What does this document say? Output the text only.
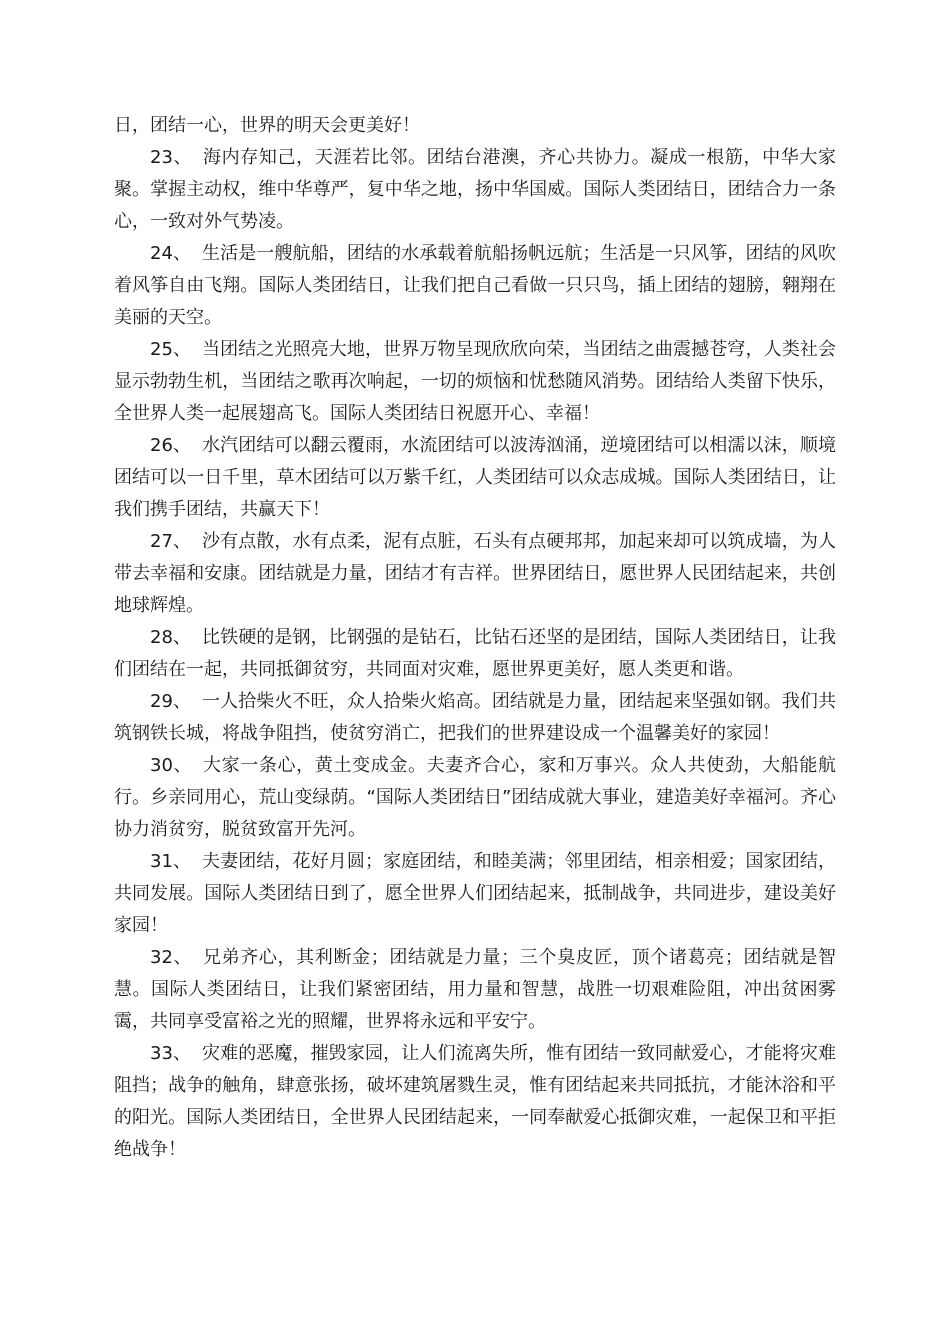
日，团结一心，世界的明天会更美好！

23、 海内存知己，天涯若比邻。团结台港澳，齐心共协力。凝成一根筋，中华大家聚。掌握主动权，维中华尊严，复中华之地，扬中华国威。国际人类团结日，团结合力一条心，一致对外气势凌。

24、 生活是一艘航船，团结的水承载着航船扬帆远航；生活是一只风筝，团结的风吹着风筝自由飞翔。国际人类团结日，让我们把自己看做一只只鸟，插上团结的翅膀，翱翔在美丽的天空。

25、 当团结之光照亮大地，世界万物呈现欣欣向荣，当团结之曲震撼苍穹，人类社会显示勃勃生机，当团结之歌再次响起，一切的烦恼和忧愁随风消势。团结给人类留下快乐，全世界人类一起展翅高飞。国际人类团结日祝愿开心、幸福！

26、 水汽团结可以翻云覆雨，水流团结可以波涛汹涌，逆境团结可以相濡以沫，顺境团结可以一日千里，草木团结可以万紫千红，人类团结可以众志成城。国际人类团结日，让我们携手团结，共赢天下！

27、 沙有点散，水有点柔，泥有点脏，石头有点硬邦邦，加起来却可以筑成墙，为人带去幸福和安康。团结就是力量，团结才有吉祥。世界团结日，愿世界人民团结起来，共创地球辉煌。

28、 比铁硬的是钢，比钢强的是钻石，比钻石还坚的是团结，国际人类团结日，让我们团结在一起，共同抵御贫穷，共同面对灾难，愿世界更美好，愿人类更和谐。

29、 一人拾柴火不旺，众人拾柴火焰高。团结就是力量，团结起来坚强如钢。我们共筑钢铁长城，将战争阻挡，使贫穷消亡，把我们的世界建设成一个温馨美好的家园！

30、 大家一条心，黄土变成金。夫妻齐合心，家和万事兴。众人共使劲，大船能航行。乡亲同用心，荒山变绿荫。“国际人类团结日”团结成就大事业，建造美好幸福河。齐心协力消贫穷，脱贫致富开先河。

31、 夫妻团结，花好月圆；家庭团结，和睦美满；邻里团结，相亲相爱；国家团结，共同发展。国际人类团结日到了，愿全世界人们团结起来，抵制战争，共同进步，建设美好家园！

32、 兄弟齐心，其利断金；团结就是力量；三个臭皮匠，顶个诸葛亮；团结就是智慧。国际人类团结日，让我们紧密团结，用力量和智慧，战胜一切艰难险阻，冲出贫困雾霭，共同享受富裕之光的照耀，世界将永远和平安宁。

33、 灾难的恶魔，摧毁家园，让人们流离失所，惟有团结一致同献爱心，才能将灾难阻挡；战争的触角，肆意张扬，破坏建筑屠戮生灵，惟有团结起来共同抵抗，才能沐浴和平的阳光。国际人类团结日，全世界人民团结起来，一同奉献爱心抵御灾难，一起保卫和平拒绝战争！
